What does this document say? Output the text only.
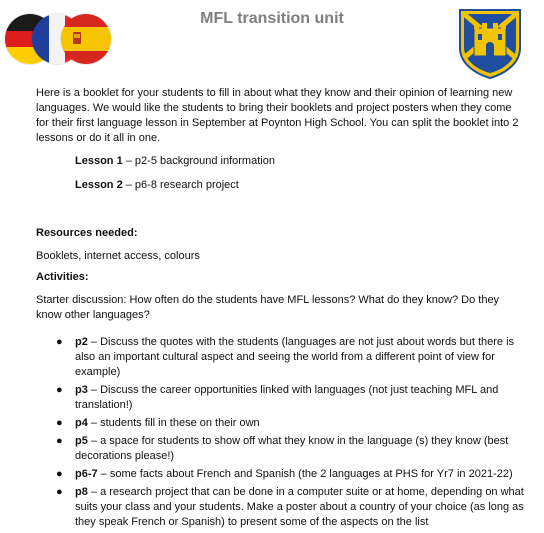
MFL transition unit

Here is a booklet for your students to fill in about what they know and their opinion of learning new languages. We would like the students to bring their booklets and project posters when they come for their first language lesson in September at Poynton High School. You can split the booklet into 2 lessons or do it all in one.

Lesson 1 – p2-5 background information

Lesson 2 – p6-8 research project

Resources needed:

Booklets, internet access, colours

Activities:

Starter discussion: How often do the students have MFL lessons? What do they know? Do they know other languages?

● p2 – Discuss the quotes with the students (languages are not just about words but there is also an important cultural aspect and seeing the world from a different point of view for example)
● p3 – Discuss the career opportunities linked with languages (not just teaching MFL and translation!)
● p4 – students fill in these on their own
● p5 – a space for students to show off what they know in the language (s) they know (best decorations please!)
● p6-7 – some facts about French and Spanish (the 2 languages at PHS for Yr7 in 2021-22)
● p8 – a research project that can be done in a computer suite or at home, depending on what suits your class and your students. Make a poster about a country of your choice (as long as they speak French or Spanish) to present some of the aspects on the list
